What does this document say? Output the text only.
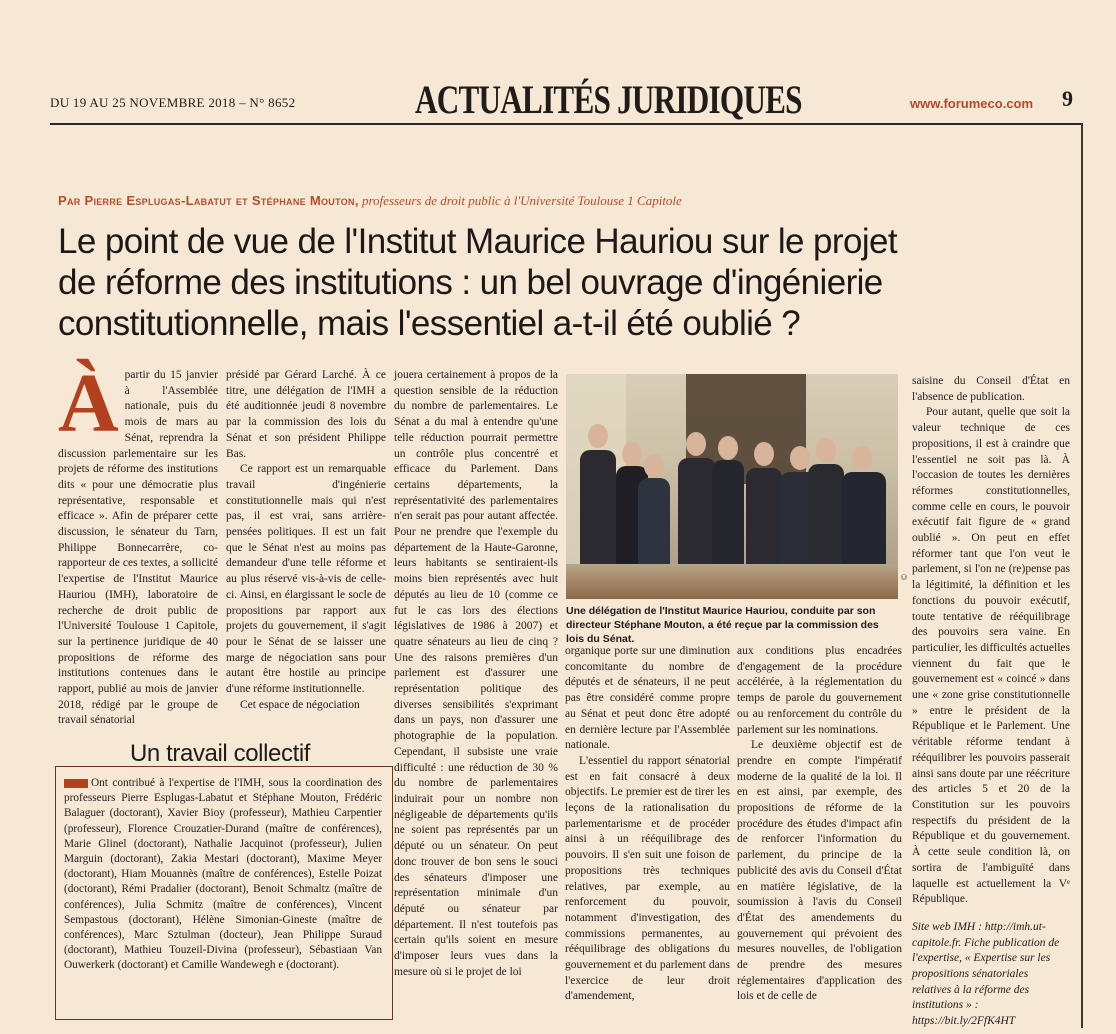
DU 19 AU 25 NOVEMBRE 2018 – N° 8652	ACTUALITÉS JURIDIQUES	www.forumeco.com 9
Par Pierre Esplugas-Labatut et Stéphane Mouton, professeurs de droit public à l'Université Toulouse 1 Capitole
Le point de vue de l'Institut Maurice Hauriou sur le projet
de réforme des institutions : un bel ouvrage d'ingénierie
constitutionnelle, mais l'essentiel a-t-il été oublié ?
À partir du 15 janvier à l'Assemblée nationale, puis du mois de mars au Sénat, reprendra la discussion parlementaire sur les projets de réforme des institutions dits « pour une démocratie plus représentative, responsable et efficace ». Afin de préparer cette discussion, le sénateur du Tarn, Philippe Bonnecarrère, co-rapporteur de ces textes, a sollicité l'expertise de l'Institut Maurice Hauriou (IMH), laboratoire de recherche de droit public de l'Université Toulouse 1 Capitole, sur la pertinence juridique de 40 propositions de réforme des institutions contenues dans le rapport, publié au mois de janvier 2018, rédigé par le groupe de travail sénatorial

présidé par Gérard Larché. À ce titre, une délégation de l'IMH a été auditionnée jeudi 8 novembre par la commission des lois du Sénat et son président Philippe Bas.

Ce rapport est un remarquable travail d'ingénierie constitutionnelle mais qui n'est pas, il est vrai, sans arrière-pensées politiques. Il est un fait que le Sénat n'est au moins pas demandeur d'une telle réforme et au plus réservé vis-à-vis de celle-ci. Ainsi, en élargissant le socle de propositions par rapport aux projets du gouvernement, il s'agit pour le Sénat de se laisser une marge de négociation sans pour autant être hostile au principe d'une réforme institutionnelle.

Cet espace de négociation

jouera certainement à propos de la question sensible de la réduction du nombre de parlementaires. Le Sénat a du mal à entendre qu'une telle réduction pourrait permettre un contrôle plus concentré et efficace du Parlement. Dans certains départements, la représentativité des parlementaires n'en serait pas pour autant affectée. Pour ne prendre que l'exemple du département de la Haute-Garonne, leurs habitants se sentiraient-ils moins bien représentés avec huit députés au lieu de 10 (comme ce fut le cas lors des élections législatives de 1986 à 2007) et quatre sénateurs au lieu de cinq ? Une des raisons premières d'un parlement est d'assurer une représentation politique des diverses sensibilités s'exprimant dans un pays, non d'assurer une photographie de la population. Cependant, il subsiste une vraie difficulté : une réduction de 30 % du nombre de parlementaires induirait pour un nombre non négligeable de départements qu'ils ne soient pas représentés par un député ou un sénateur. On peut donc trouver de bon sens le souci des sénateurs d'imposer une représentation minimale d'un député ou sénateur par département. Il n'est toutefois pas certain qu'ils soient en mesure d'imposer leurs vues dans la mesure où si le projet de loi

©
Une délégation de l'Institut Maurice Hauriou, conduite par son directeur Stéphane Mouton, a été reçue par la commission des lois du Sénat.

organique porte sur une diminution concomitante du nombre de députés et de sénateurs, il ne peut pas être considéré comme propre au Sénat et peut donc être adopté en dernière lecture par l'Assemblée nationale.

L'essentiel du rapport sénatorial est en fait consacré à deux objectifs. Le premier est de tirer les leçons de la rationalisation du parlementarisme et de procéder ainsi à un rééquilibrage des pouvoirs. Il s'en suit une foison de propositions très techniques relatives, par exemple, au renforcement du pouvoir, notamment d'investigation, des commissions permanentes, au rééquilibrage des obligations du gouvernement et du parlement dans l'exercice de leur droit d'amendement,

aux conditions plus encadrées d'engagement de la procédure accélérée, à la réglementation du temps de parole du gouvernement ou au renforcement du contrôle du parlement sur les nominations.

Le deuxième objectif est de prendre en compte l'impératif moderne de la qualité de la loi. Il en est ainsi, par exemple, des propositions de réforme de la procédure des études d'impact afin de renforcer l'information du parlement, du principe de la publicité des avis du Conseil d'État en matière législative, de la soumission à l'avis du Conseil d'État des amendements du gouvernement qui prévoient des mesures nouvelles, de l'obligation de prendre des mesures réglementaires d'application des lois et de celle de

saisine du Conseil d'État en l'absence de publication.

Pour autant, quelle que soit la valeur technique de ces propositions, il est à craindre que l'essentiel ne soit pas là. À l'occasion de toutes les dernières réformes constitutionnelles, comme celle en cours, le pouvoir exécutif fait figure de « grand oublié ». On peut en effet réformer tant que l'on veut le parlement, si l'on ne (re)pense pas la légitimité, la définition et les fonctions du pouvoir exécutif, toute tentative de rééquilibrage des pouvoirs sera vaine. En particulier, les difficultés actuelles viennent du fait que le gouvernement est « coincé » dans une « zone grise constitutionnelle » entre le président de la République et le Parlement. Une véritable réforme tendant à rééquilibrer les pouvoirs passerait ainsi sans doute par une réécriture des articles 5 et 20 de la Constitution sur les pouvoirs respectifs du président de la République et du gouvernement. À cette seule condition là, on sortira de l'ambiguïté dans laquelle est actuellement la Vᵉ République.

Site web IMH : http://imh.ut-capitole.fr. Fiche publication de l'expertise, « Expertise sur les propositions sénatoriales relatives à la réforme des institutions » : https://bit.ly/2FfK4HT

Un travail collectif
Ont contribué à l'expertise de l'IMH, sous la coordination des professeurs Pierre Esplugas-Labatut et Stéphane Mouton, Frédéric Balaguer (doctorant), Xavier Bioy (professeur), Mathieu Carpentier (professeur), Florence Crouzatier-Durand (maître de conférences), Marie Glinel (doctorant), Nathalie Jacquinot (professeur), Julien Marguin (doctorant), Zakia Mestari (doctorant), Maxime Meyer (doctorant), Hiam Mouannès (maître de conférences), Estelle Poizat (doctorant), Rémi Pradalier (doctorant), Benoit Schmaltz (maître de conférences), Julia Schmitz (maître de conférences), Vincent Sempastous (doctorant), Hélène Simonian-Gineste (maître de conférences), Marc Sztulman (docteur), Jean Philippe Suraud (doctorant), Mathieu Touzeil-Divina (professeur), Sébastiaan Van Ouwerkerk (doctorant) et Camille Wandewegh e (doctorant).
